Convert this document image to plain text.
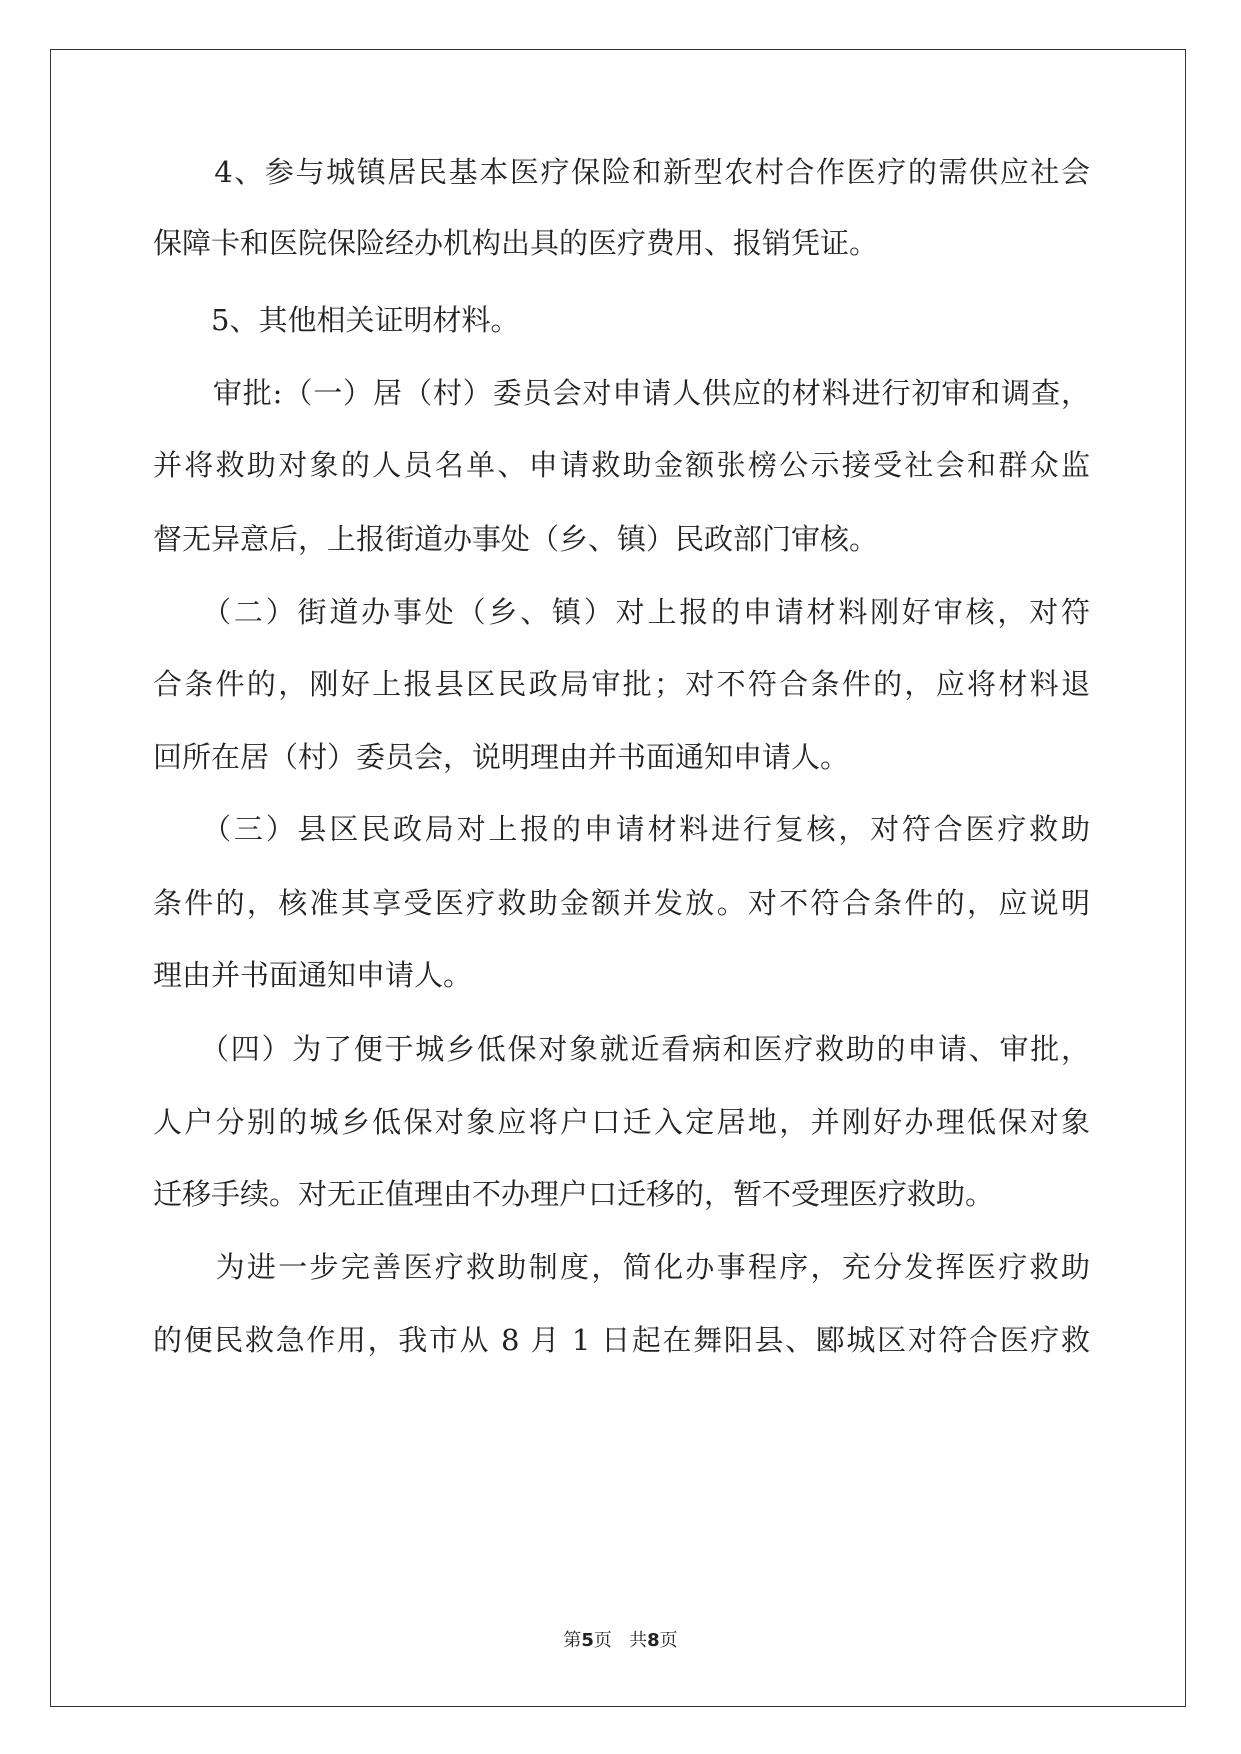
　　4、参与城镇居民基本医疗保险和新型农村合作医疗的需供应社会
保障卡和医院保险经办机构出具的医疗费用、报销凭证。
　　5、其他相关证明材料。
　　审批:（一）居（村）委员会对申请人供应的材料进行初审和调查，
并将救助对象的人员名单、申请救助金额张榜公示接受社会和群众监
督无异意后，上报街道办事处（乡、镇）民政部门审核。
　　（二）街道办事处（乡、镇）对上报的申请材料刚好审核，对符
合条件的，刚好上报县区民政局审批；对不符合条件的，应将材料退
回所在居（村）委员会，说明理由并书面通知申请人。
　　（三）县区民政局对上报的申请材料进行复核，对符合医疗救助
条件的，核准其享受医疗救助金额并发放。对不符合条件的，应说明
理由并书面通知申请人。
　　（四）为了便于城乡低保对象就近看病和医疗救助的申请、审批，
人户分别的城乡低保对象应将户口迁入定居地，并刚好办理低保对象
迁移手续。对无正值理由不办理户口迁移的，暂不受理医疗救助。
　　为进一步完善医疗救助制度，简化办事程序，充分发挥医疗救助
的便民救急作用，我市从 8 月 1 日起在舞阳县、郾城区对符合医疗救
第5页 共8页
